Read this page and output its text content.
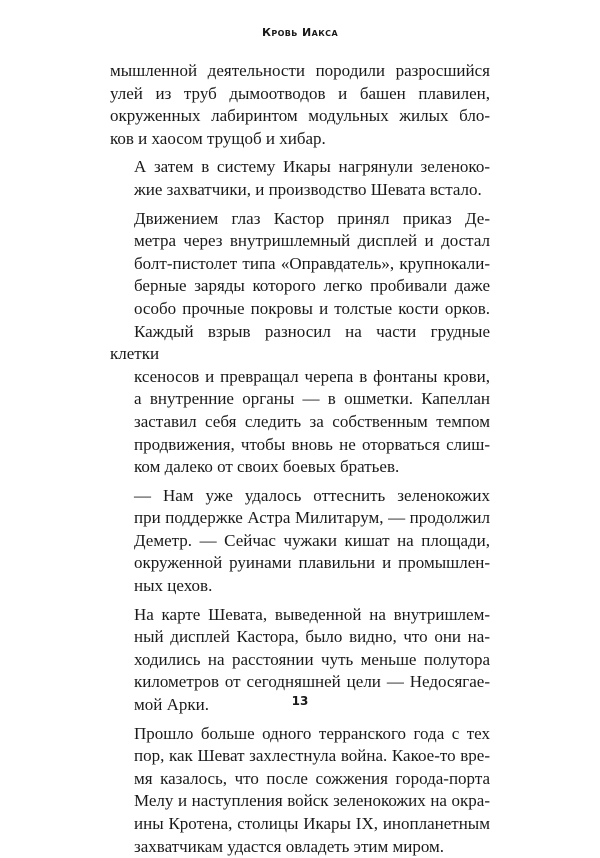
Кровь Иакса
мышленной деятельности породили разросшийся
улей из труб дымоотводов и башен плавилен,
окруженных лабиринтом модульных жилых бло-
ков и хаосом трущоб и хибар.
А затем в систему Икары нагрянули зеленоко-
жие захватчики, и производство Шевата встало.
Движением глаз Кастор принял приказ Де-
метра через внутришлемный дисплей и достал
болт-пистолет типа «Оправдатель», крупнокали-
берные заряды которого легко пробивали даже
особо прочные покровы и толстые кости орков.
Каждый взрыв разносил на части грудные клетки
ксеносов и превращал черепа в фонтаны крови,
а внутренние органы — в ошметки. Капеллан
заставил себя следить за собственным темпом
продвижения, чтобы вновь не оторваться слиш-
ком далеко от своих боевых братьев.
— Нам уже удалось оттеснить зеленокожих
при поддержке Астра Милитарум, — продолжил
Деметр. — Сейчас чужаки кишат на площади,
окруженной руинами плавильни и промышлен-
ных цехов.
На карте Шевата, выведенной на внутришлем-
ный дисплей Кастора, было видно, что они на-
ходились на расстоянии чуть меньше полутора
километров от сегодняшней цели — Недосягае-
мой Арки.
Прошло больше одного терранского года с тех
пор, как Шеват захлестнула война. Какое-то вре-
мя казалось, что после сожжения города-порта
Мелу и наступления войск зеленокожих на окра-
ины Кротена, столицы Икары IX, инопланетным
захватчикам удастся овладеть этим миром.
13
